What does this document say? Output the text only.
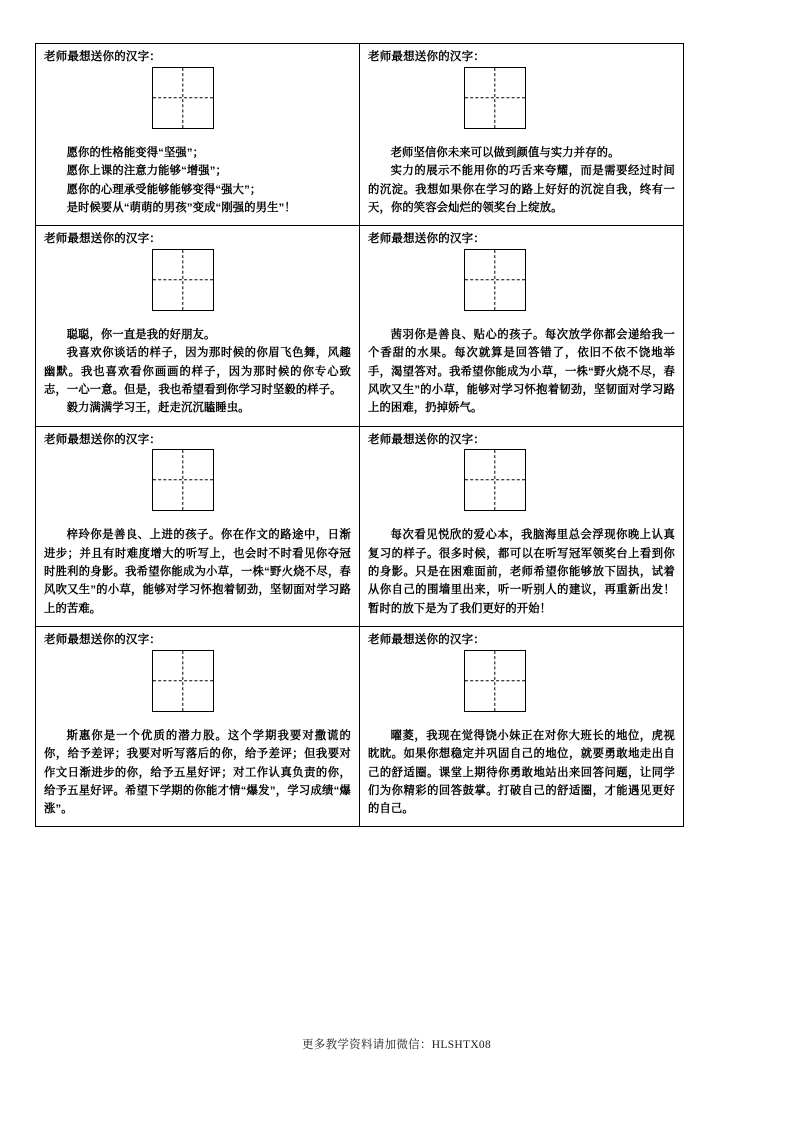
老师最想送你的汉字：

愿你的性格能变得“坚强”；

愿你上课的注意力能够“增强”；

愿你的心理承受能够能够变得“强大”；

是时候要从“萌萌的男孩”变成“刚强的男生”！

老师最想送你的汉字：

老师坚信你未来可以做到颜值与实力并存的。

实力的展示不能用你的巧舌来夸耀，而是需要经过时间的沉淀。我想如果你在学习的路上好好的沉淀自我，终有一天，你的笑容会灿烂的领奖台上绽放。

老师最想送你的汉字：

聪聪，你一直是我的好朋友。

我喜欢你谈话的样子，因为那时候的你眉飞色舞，风趣幽默。我也喜欢看你画画的样子，因为那时候的你专心致志，一心一意。但是，我也希望看到你学习时坚毅的样子。

毅力满满学习王，赶走沉沉瞌睡虫。

老师最想送你的汉字：

茜羽你是善良、贴心的孩子。每次放学你都会递给我一个香甜的水果。每次就算是回答错了，依旧不依不饶地举手，渴望答对。我希望你能成为小草，一株“野火烧不尽，春风吹又生”的小草，能够对学习怀抱着韧劲，坚韧面对学习路上的困难，扔掉娇气。

老师最想送你的汉字：

梓玲你是善良、上进的孩子。你在作文的路途中，日渐进步；并且有时难度增大的听写上，也会时不时看见你夺冠时胜利的身影。我希望你能成为小草，一株“野火烧不尽，春风吹又生”的小草，能够对学习怀抱着韧劲，坚韧面对学习路上的苦难。

老师最想送你的汉字：

每次看见悦欣的爱心本，我脑海里总会浮现你晚上认真复习的样子。很多时候，都可以在听写冠军领奖台上看到你的身影。只是在困难面前，老师希望你能够放下固执，试着从你自己的围墙里出来，听一听别人的建议，再重新出发！暂时的放下是为了我们更好的开始！

老师最想送你的汉字：

斯惠你是一个优质的潜力股。这个学期我要对撒谎的你，给予差评；我要对听写落后的你，给予差评；但我要对作文日渐进步的你，给予五星好评；对工作认真负责的你，给予五星好评。希望下学期的你能才情“爆发”，学习成绩“爆涨”。

老师最想送你的汉字：

曜菱，我现在觉得饶小妹正在对你大班长的地位，虎视眈眈。如果你想稳定并巩固自己的地位，就要勇敢地走出自己的舒适圈。课堂上期待你勇敢地站出来回答问题，让同学们为你精彩的回答鼓掌。打破自己的舒适圈，才能遇见更好的自己。

更多教学资料请加微信：HLSHTX08
